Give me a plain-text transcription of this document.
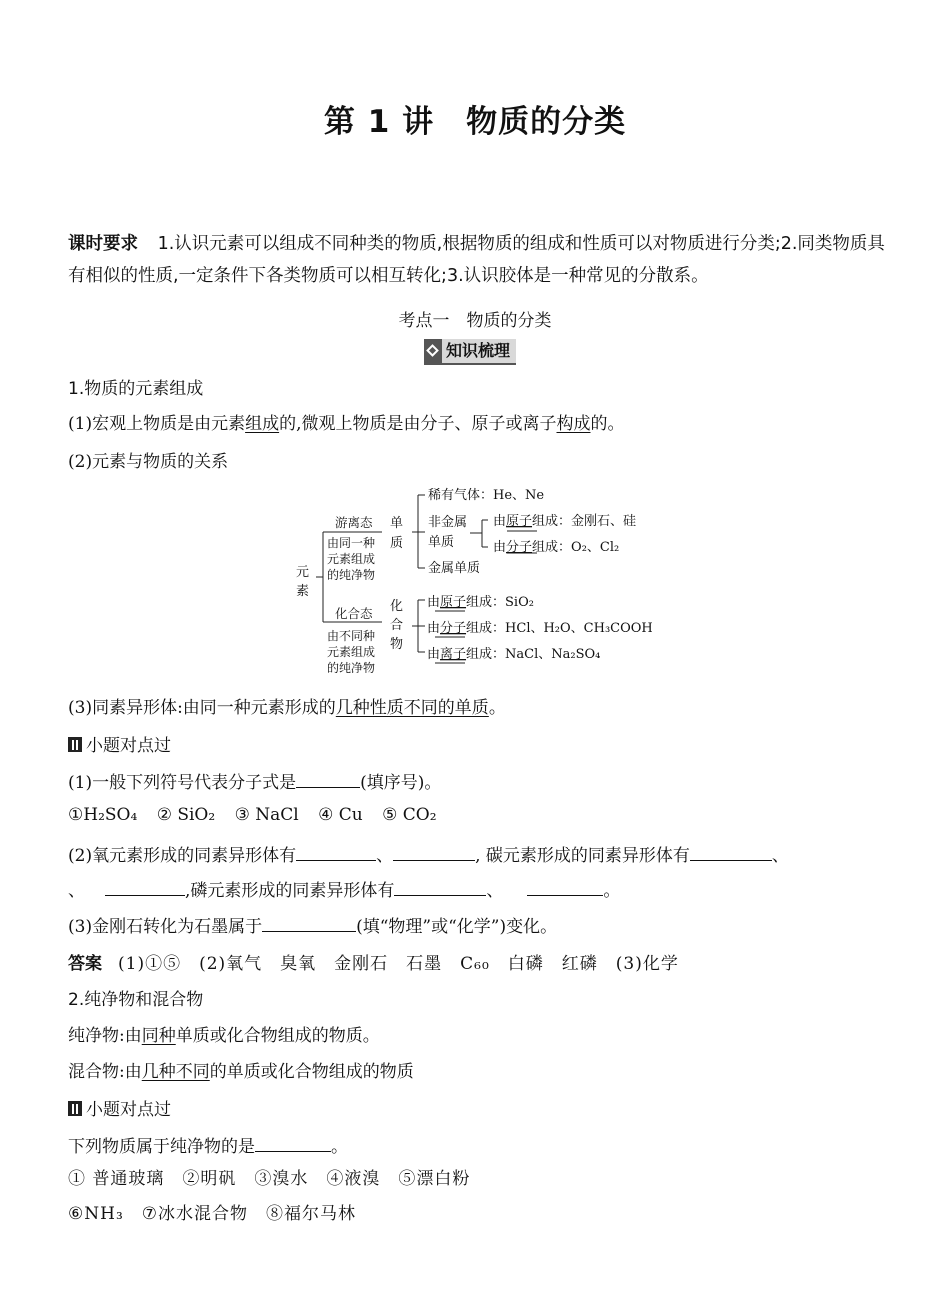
第 1 讲　物质的分类
课时要求 1.认识元素可以组成不同种类的物质,根据物质的组成和性质可以对物质进行分类;2.同类物质具有相似的性质,一定条件下各类物质可以相互转化;3.认识胶体是一种常见的分散系。
考点一　物质的分类
知识梳理
1.物质的元素组成
(1)宏观上物质是由元素组成的,微观上物质是由分子、原子或离子构成的。
(2)元素与物质的关系
元
素
游离态
由同一种
元素组成
的纯净物
化合态
由不同种
元素组成
的纯净物
单
质
化
合
物
稀有气体：He、Ne
非金属
单质
金属单质
由原子组成：金刚石、硅
由分子组成：O₂、Cl₂
由原子组成：SiO₂
由分子组成：HCl、H₂O、CH₃COOH
由离子组成：NaCl、Na₂SO₄
(3)同素异形体:由同一种元素形成的几种性质不同的单质。
小题对点过
(1)一般下列符号代表分子式是	(填序号)。
①H₂SO₄ ② SiO₂ ③ NaCl ④ Cu ⑤ CO₂
(2)氧元素形成的同素异形体有	、	, 碳元素形成的同素异形体有	、
、	,磷元素形成的同素异形体有	、	。
(3)金刚石转化为石墨属于	(填“物理”或“化学”)变化。
答案 (1)①⑤　(2)氧气　臭氧　金刚石　石墨　C₆₀　白磷　红磷　(3)化学
2.纯净物和混合物
纯净物:由同种单质或化合物组成的物质。
混合物:由几种不同的单质或化合物组成的物质
小题对点过
下列物质属于纯净物的是	。
① 普通玻璃　②明矾　③溴水　④液溴　⑤漂白粉
⑥NH₃　⑦冰水混合物　⑧福尔马林
